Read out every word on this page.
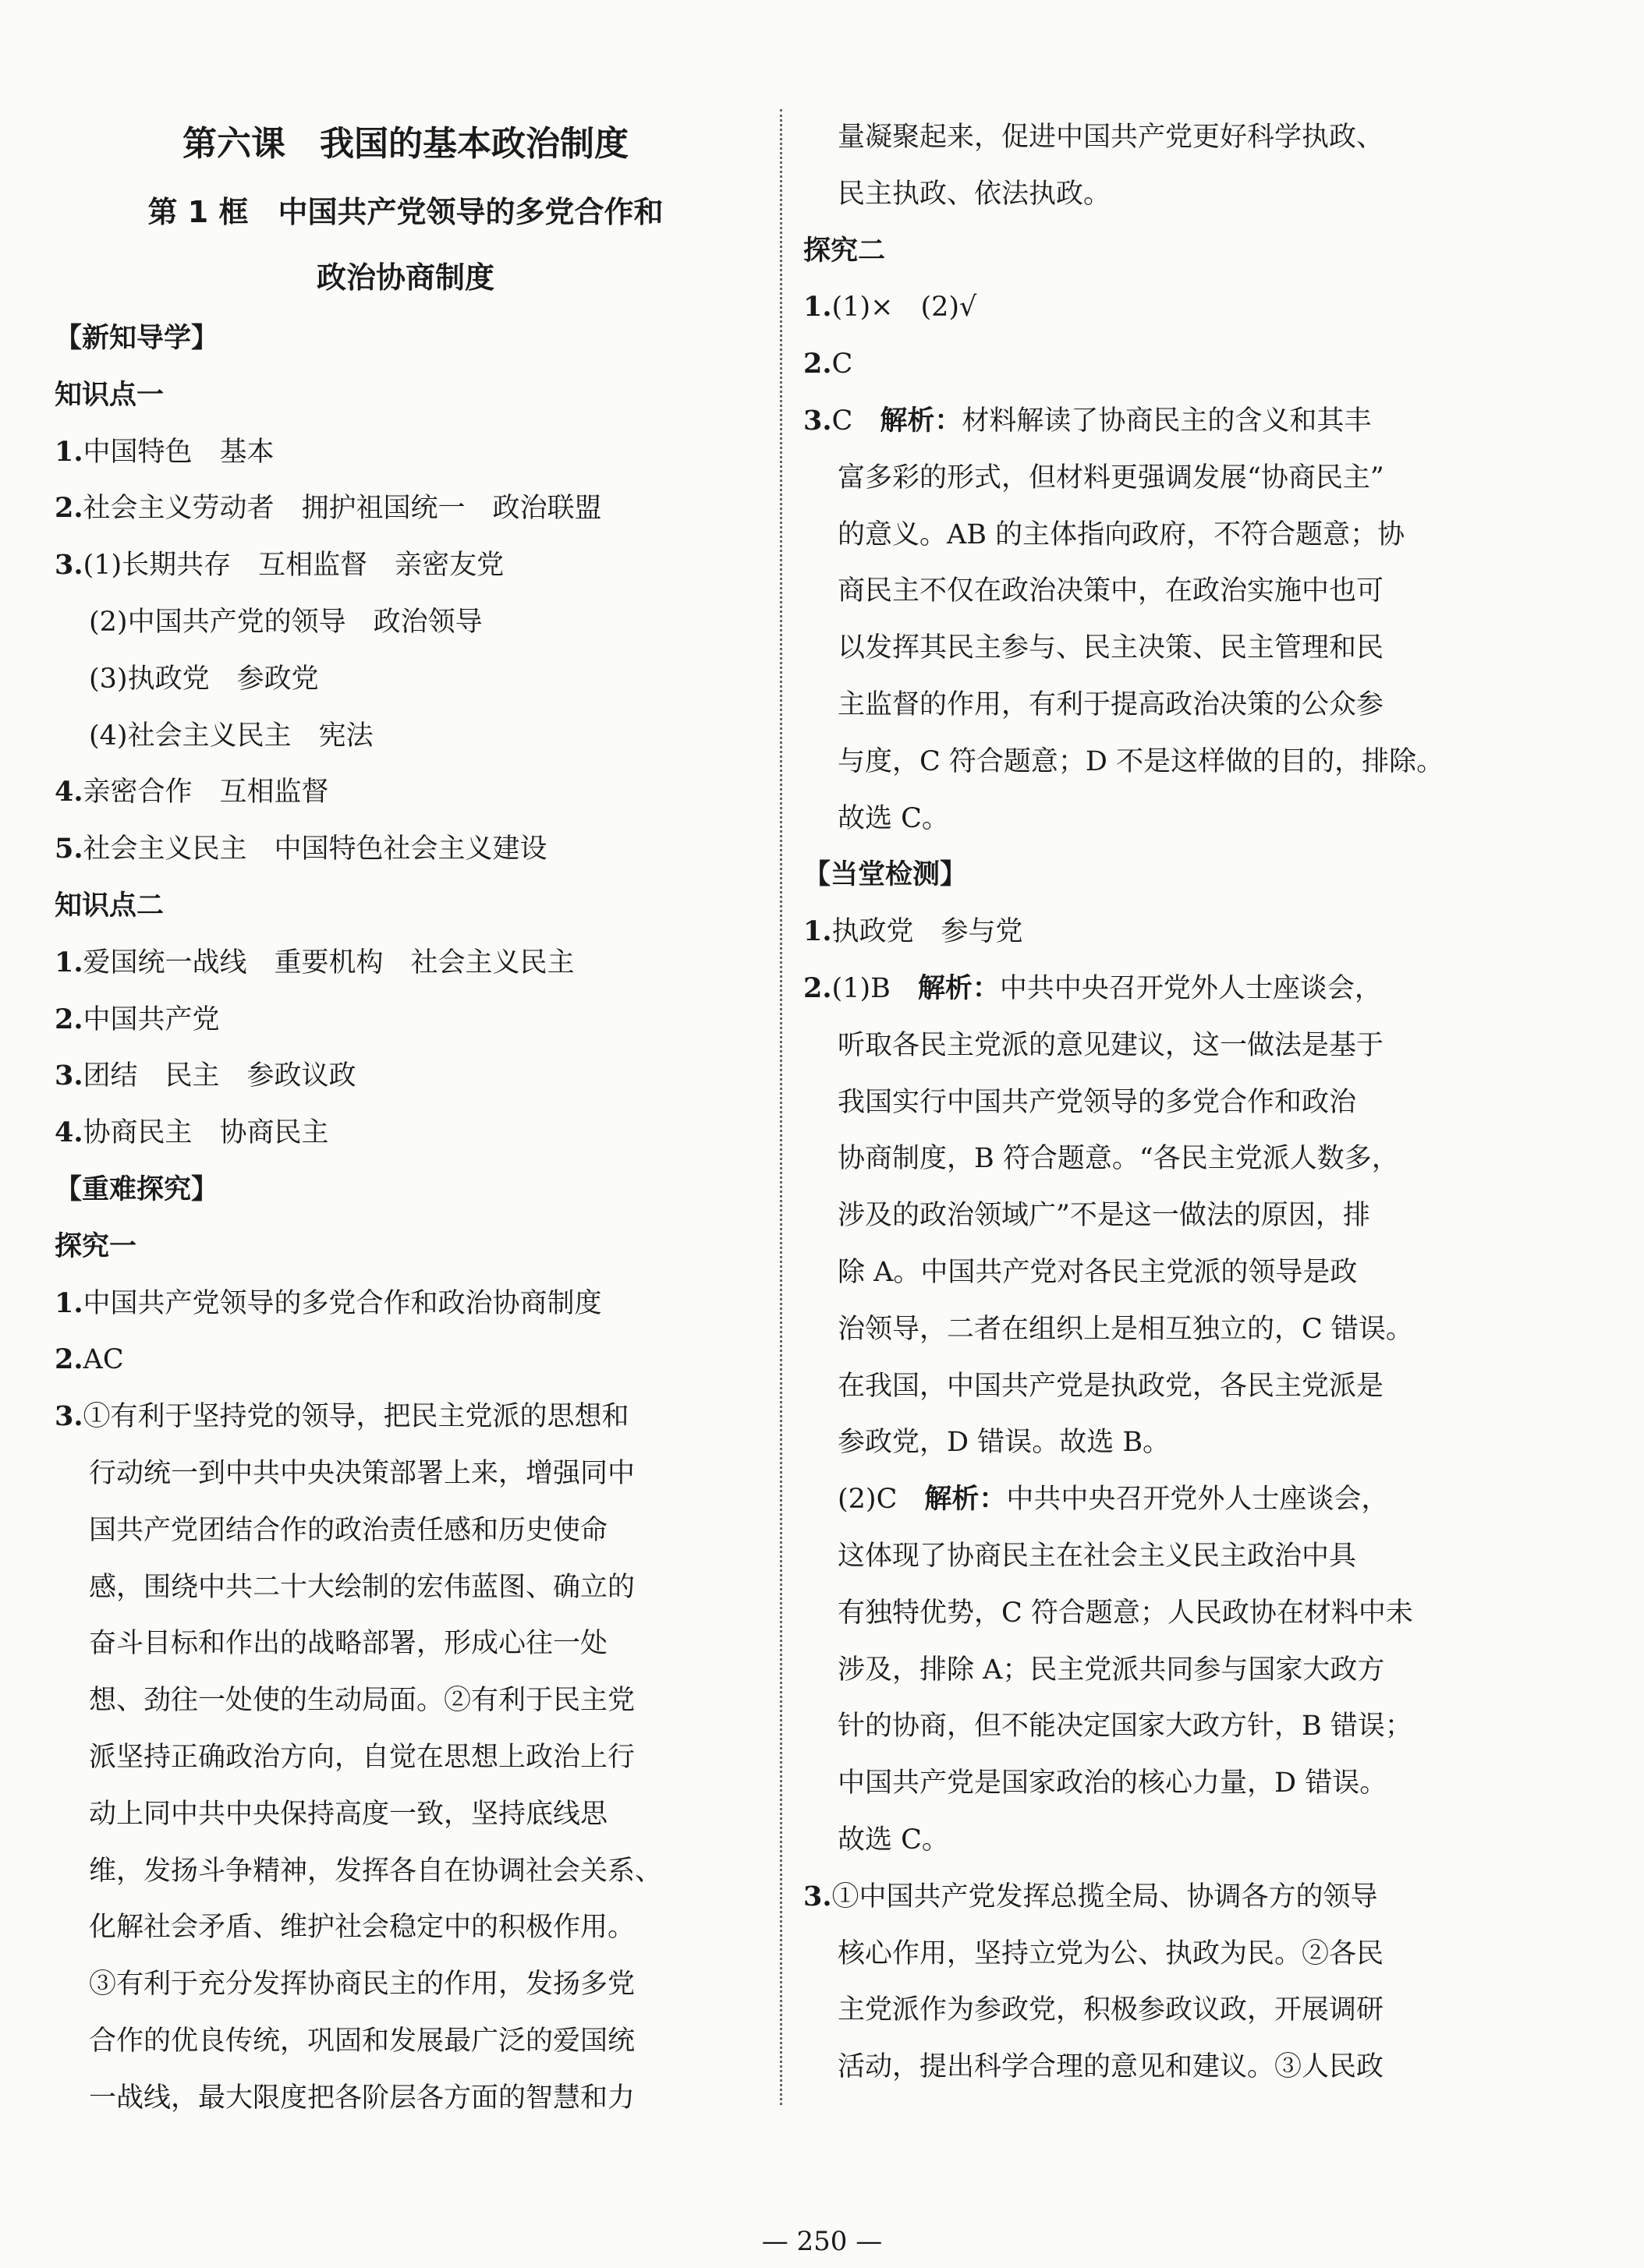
第六课　我国的基本政治制度

第 1 框　中国共产党领导的多党合作和

政治协商制度

【新知导学】

知识点一

1.中国特色　基本

2.社会主义劳动者　拥护祖国统一　政治联盟

3.(1)长期共存　互相监督　亲密友党

(2)中国共产党的领导　政治领导

(3)执政党　参政党

(4)社会主义民主　宪法

4.亲密合作　互相监督

5.社会主义民主　中国特色社会主义建设

知识点二

1.爱国统一战线　重要机构　社会主义民主

2.中国共产党

3.团结　民主　参政议政

4.协商民主　协商民主

【重难探究】

探究一

1.中国共产党领导的多党合作和政治协商制度

2.AC

3.①有利于坚持党的领导，把民主党派的思想和

行动统一到中共中央决策部署上来，增强同中

国共产党团结合作的政治责任感和历史使命

感，围绕中共二十大绘制的宏伟蓝图、确立的

奋斗目标和作出的战略部署，形成心往一处

想、劲往一处使的生动局面。②有利于民主党

派坚持正确政治方向，自觉在思想上政治上行

动上同中共中央保持高度一致，坚持底线思

维，发扬斗争精神，发挥各自在协调社会关系、

化解社会矛盾、维护社会稳定中的积极作用。

③有利于充分发挥协商民主的作用，发扬多党

合作的优良传统，巩固和发展最广泛的爱国统

一战线，最大限度把各阶层各方面的智慧和力

量凝聚起来，促进中国共产党更好科学执政、

民主执政、依法执政。

探究二

1.(1)×　(2)√

2.C

3.C　解析：材料解读了协商民主的含义和其丰

富多彩的形式，但材料更强调发展“协商民主”

的意义。AB 的主体指向政府，不符合题意；协

商民主不仅在政治决策中，在政治实施中也可

以发挥其民主参与、民主决策、民主管理和民

主监督的作用，有利于提高政治决策的公众参

与度，C 符合题意；D 不是这样做的目的，排除。

故选 C。

【当堂检测】

1.执政党　参与党

2.(1)B　解析：中共中央召开党外人士座谈会，

听取各民主党派的意见建议，这一做法是基于

我国实行中国共产党领导的多党合作和政治

协商制度，B 符合题意。“各民主党派人数多，

涉及的政治领域广”不是这一做法的原因，排

除 A。中国共产党对各民主党派的领导是政

治领导，二者在组织上是相互独立的，C 错误。

在我国，中国共产党是执政党，各民主党派是

参政党，D 错误。故选 B。

(2)C　解析：中共中央召开党外人士座谈会，

这体现了协商民主在社会主义民主政治中具

有独特优势，C 符合题意；人民政协在材料中未

涉及，排除 A；民主党派共同参与国家大政方

针的协商，但不能决定国家大政方针，B 错误；

中国共产党是国家政治的核心力量，D 错误。

故选 C。

3.①中国共产党发挥总揽全局、协调各方的领导

核心作用，坚持立党为公、执政为民。②各民

主党派作为参政党，积极参政议政，开展调研

活动，提出科学合理的意见和建议。③人民政

— 250 —
